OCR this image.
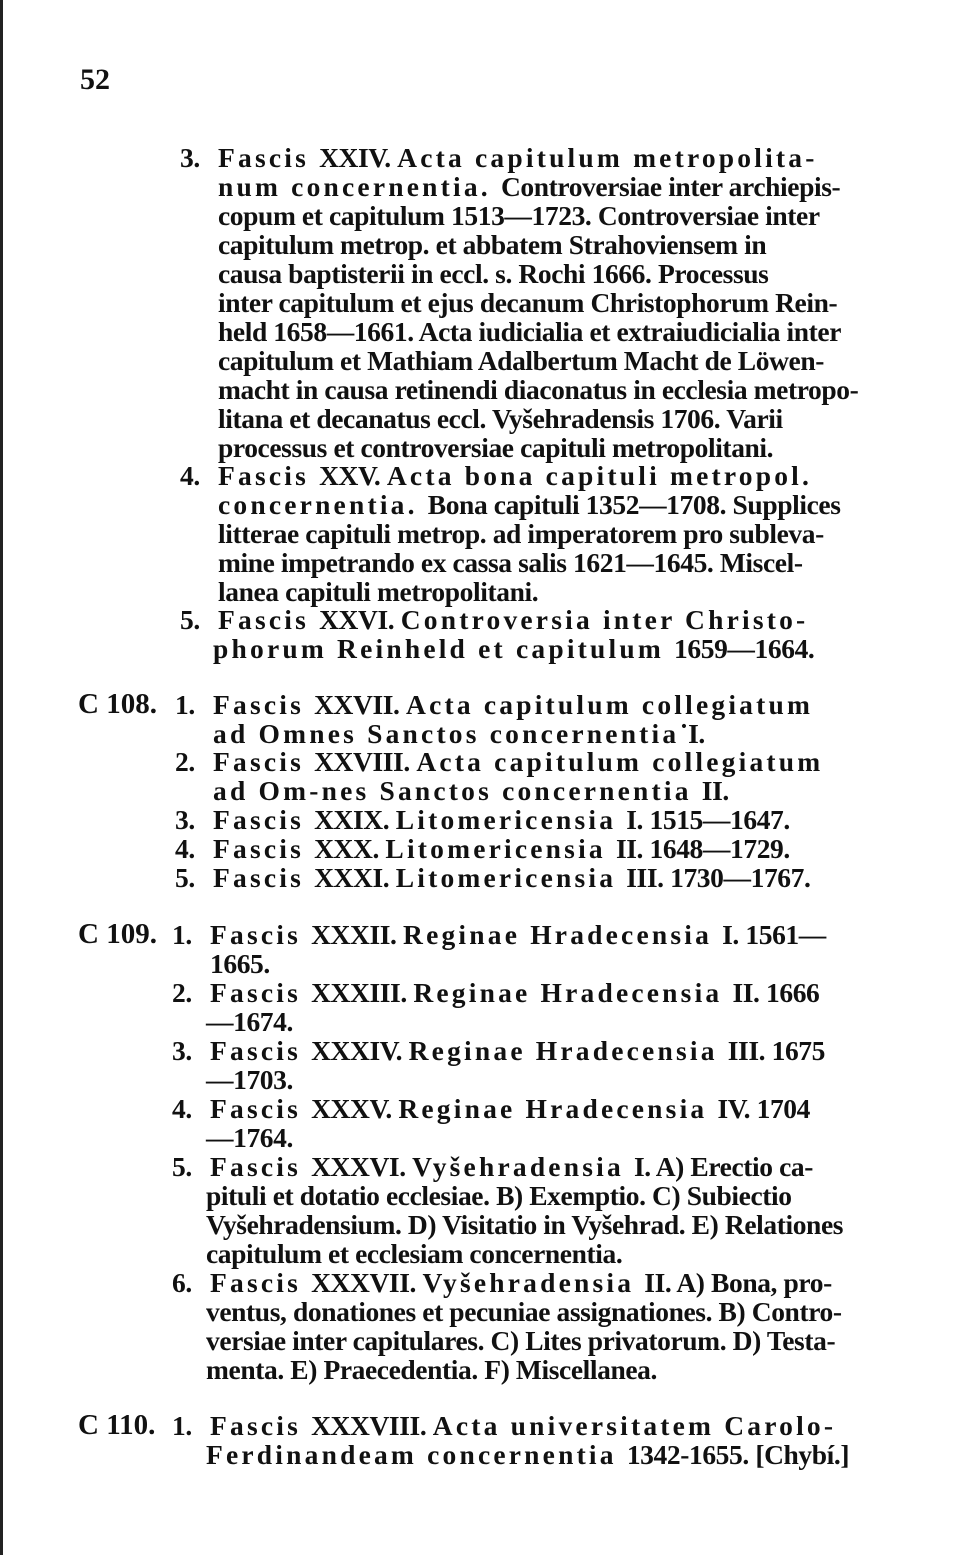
52
C 108.
C 109.
C 110.
3.Fascis XXIV. Acta capitulum metropolita-
num concernentia. Controversiae inter archiepis-
copum et capitulum 1513—1723. Controversiae inter
capitulum metrop. et abbatem Strahoviensem in
causa baptisterii in eccl. s. Rochi 1666. Processus
inter capitulum et ejus decanum Christophorum Rein-
held 1658—1661. Acta iudicialia et extraiudicialia inter
capitulum et Mathiam Adalbertum Macht de Löwen-
macht in causa retinendi diaconatus in ecclesia metropo-
litana et decanatus eccl. Vyšehradensis 1706. Varii
processus et controversiae capituli metropolitani.
4.Fascis XXV. Acta bona capituli metropol.
concernentia. Bona capituli 1352—1708. Supplices
litterae capituli metrop. ad imperatorem pro subleva-
mine impetrando ex cassa salis 1621—1645. Miscel-
lanea capituli metropolitani.
5.Fascis XXVI. Controversia inter Christo-
phorum Reinheld et capitulum 1659—1664.
1.Fascis XXVII. Acta capitulum collegiatum
ad Omnes Sanctos concernentia˙I.
2.Fascis XXVIII. Acta capitulum collegiatum
ad Om-nes Sanctos concernentia II.
3.Fascis XXIX. Litomericensia I. 1515—1647.
4.Fascis XXX. Litomericensia II. 1648—1729.
5.Fascis XXXI. Litomericensia III. 1730—1767.
1.Fascis XXXII. Reginae Hradecensia I. 1561—
1665.
2.Fascis XXXIII. Reginae Hradecensia II. 1666
—1674.
3.Fascis XXXIV. Reginae Hradecensia III. 1675
—1703.
4.Fascis XXXV. Reginae Hradecensia IV. 1704
—1764.
5.Fascis XXXVI. Vyšehradensia I. A) Erectio ca-
pituli et dotatio ecclesiae. B) Exemptio. C) Subiectio
Vyšehradensium. D) Visitatio in Vyšehrad. E) Relationes
capitulum et ecclesiam concernentia.
6.Fascis XXXVII. Vyšehradensia II. A) Bona, pro-
ventus, donationes et pecuniae assignationes. B) Contro-
versiae inter capitulares. C) Lites privatorum. D) Testa-
menta. E) Praecedentia. F) Miscellanea.
1.Fascis XXXVIII. Acta universitatem Carolo-
Ferdinandeam concernentia 1342-1655. [Chybí.]
